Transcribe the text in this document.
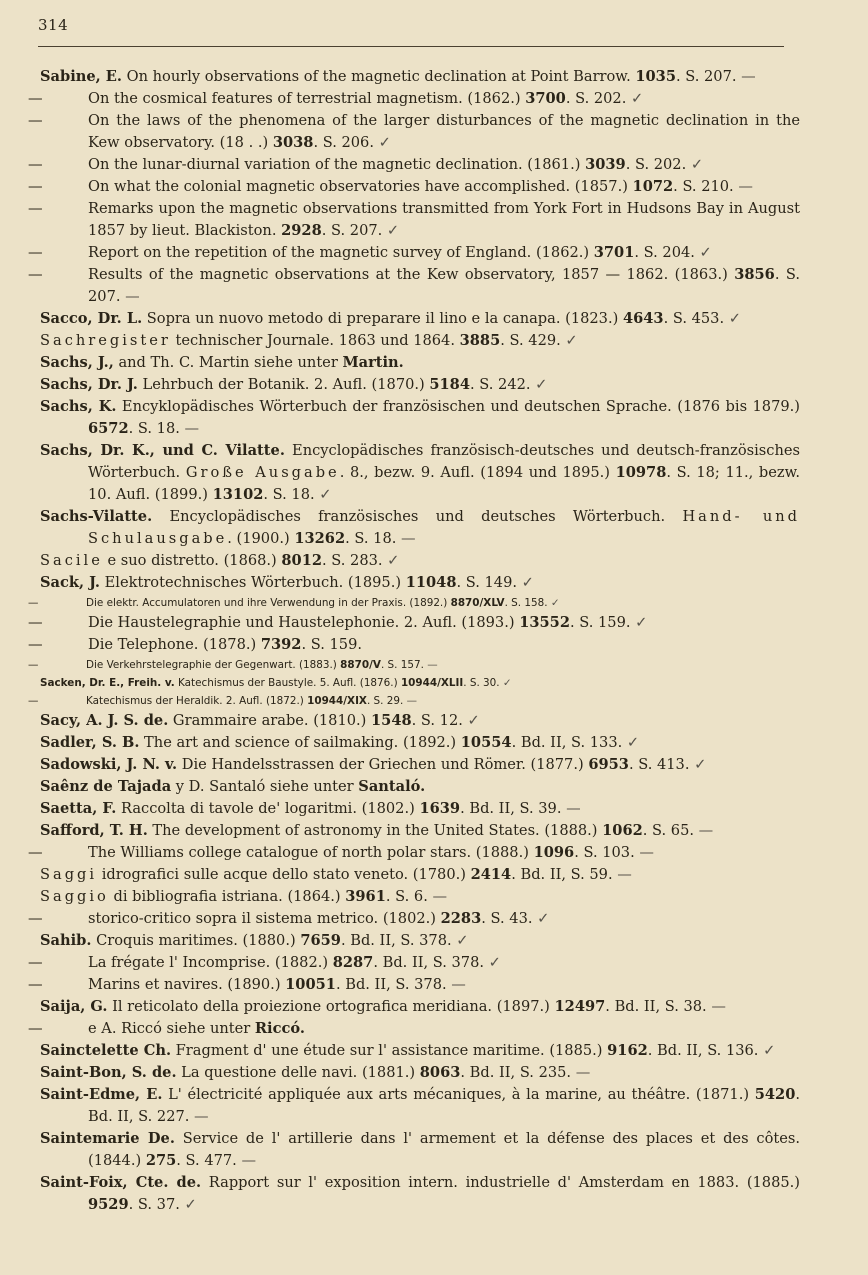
314
Sabine, E. On hourly observations of the magnetic declination at Point Barrow. 1035. S. 207. —
—	On the cosmical features of terrestrial magnetism. (1862.) 3700. S. 202. ✓
—	On the laws of the phenomena of the larger disturbances of the magnetic declination in the Kew observatory. (18 . .) 3038. S. 206. ✓
—	On the lunar-diurnal variation of the magnetic declination. (1861.) 3039. S. 202. ✓
—	On what the colonial magnetic observatories have accomplished. (1857.) 1072. S. 210. —
—	Remarks upon the magnetic observations transmitted from York Fort in Hudsons Bay in August 1857 by lieut. Blackiston. 2928. S. 207. ✓
—	Report on the repetition of the magnetic survey of England. (1862.) 3701. S. 204. ✓
—	Results of the magnetic observations at the Kew observatory, 1857 — 1862. (1863.) 3856. S. 207. —
Sacco, Dr. L. Sopra un nuovo metodo di preparare il lino e la canapa. (1823.) 4643. S. 453. ✓
Sachregister technischer Journale. 1863 und 1864. 3885. S. 429. ✓
Sachs, J., and Th. C. Martin siehe unter Martin.
Sachs, Dr. J. Lehrbuch der Botanik. 2. Aufl. (1870.) 5184. S. 242. ✓
Sachs, K. Encyklopädisches Wörterbuch der französischen und deutschen Sprache. (1876 bis 1879.) 6572. S. 18. —
Sachs, Dr. K., und C. Vilatte. Encyclopädisches französisch-deutsches und deutsch-französisches Wörterbuch. Große Ausgabe. 8., bezw. 9. Aufl. (1894 und 1895.) 10978. S. 18; 11., bezw. 10. Aufl. (1899.) 13102. S. 18. ✓
Sachs-Vilatte. Encyclopädisches französisches und deutsches Wörterbuch. Hand- und Schulausgabe. (1900.) 13262. S. 18. —
Sacile e suo distretto. (1868.) 8012. S. 283. ✓
Sack, J. Elektrotechnisches Wörterbuch. (1895.) 11048. S. 149. ✓
—	Die elektr. Accumulatoren und ihre Verwendung in der Praxis. (1892.) 8870/XLV. S. 158. ✓
—	Die Haustelegraphie und Haustelephonie. 2. Aufl. (1893.) 13552. S. 159. ✓
—	Die Telephone. (1878.) 7392. S. 159.
—	Die Verkehrstelegraphie der Gegenwart. (1883.) 8870/V. S. 157. —
Sacken, Dr. E., Freih. v. Katechismus der Baustyle. 5. Aufl. (1876.) 10944/XLII. S. 30. ✓
—	Katechismus der Heraldik. 2. Aufl. (1872.) 10944/XIX. S. 29. —
Sacy, A. J. S. de. Grammaire arabe. (1810.) 1548. S. 12. ✓
Sadler, S. B. The art and science of sailmaking. (1892.) 10554. Bd. II, S. 133. ✓
Sadowski, J. N. v. Die Handelsstrassen der Griechen und Römer. (1877.) 6953. S. 413. ✓
Saênz de Tajada y D. Santaló siehe unter Santaló.
Saetta, F. Raccolta di tavole de' logaritmi. (1802.) 1639. Bd. II, S. 39. —
Safford, T. H. The development of astronomy in the United States. (1888.) 1062. S. 65. —
—	The Williams college catalogue of north polar stars. (1888.) 1096. S. 103. —
Saggi idrografici sulle acque dello stato veneto. (1780.) 2414. Bd. II, S. 59. —
Saggio di bibliografia istriana. (1864.) 3961. S. 6. —
—	storico-critico sopra il sistema metrico. (1802.) 2283. S. 43. ✓
Sahib. Croquis maritimes. (1880.) 7659. Bd. II, S. 378. ✓
—	La frégate l' Incomprise. (1882.) 8287. Bd. II, S. 378. ✓
—	Marins et navires. (1890.) 10051. Bd. II, S. 378. —
Saija, G. Il reticolato della proiezione ortografica meridiana. (1897.) 12497. Bd. II, S. 38. —
—	e A. Riccó siehe unter Riccó.
Sainctelette Ch. Fragment d' une étude sur l' assistance maritime. (1885.) 9162. Bd. II, S. 136. ✓
Saint-Bon, S. de. La questione delle navi. (1881.) 8063. Bd. II, S. 235. —
Saint-Edme, E. L' électricité appliquée aux arts mécaniques, à la marine, au théâtre. (1871.) 5420. Bd. II, S. 227. —
Saintemarie De. Service de l' artillerie dans l' armement et la défense des places et des côtes. (1844.) 275. S. 477. —
Saint-Foix, Cte. de. Rapport sur l' exposition intern. industrielle d' Amsterdam en 1883. (1885.) 9529. S. 37. ✓
